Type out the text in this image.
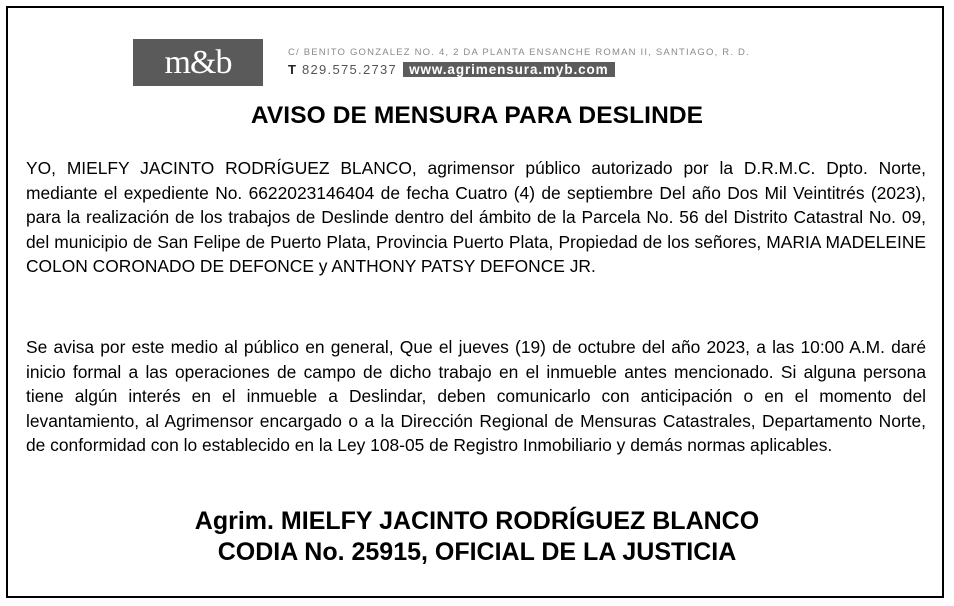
m&b	C/ BENITO GONZALEZ NO. 4, 2 DA PLANTA ENSANCHE ROMAN II, SANTIAGO, R. D.
T 829.575.2737 www.agrimensura.myb.com
AVISO DE MENSURA PARA DESLINDE
YO, MIELFY JACINTO RODRÍGUEZ BLANCO, agrimensor público autorizado por la D.R.M.C. Dpto. Norte, mediante el expediente No. 6622023146404 de fecha Cuatro (4) de septiembre Del año Dos Mil Veintitrés (2023), para la realización de los trabajos de Deslinde dentro del ámbito de la Parcela No. 56 del Distrito Catastral No. 09, del municipio de San Felipe de Puerto Plata, Provincia Puerto Plata, Propiedad de los señores, MARIA MADELEINE COLON CORONADO DE DEFONCE y ANTHONY PATSY DEFONCE JR.
Se avisa por este medio al público en general, Que el jueves (19) de octubre del año 2023, a las 10:00 A.M. daré inicio formal a las operaciones de campo de dicho trabajo en el inmueble antes mencionado. Si alguna persona tiene algún interés en el inmueble a Deslindar, deben comunicarlo con anticipación o en el momento del levantamiento, al Agrimensor encargado o a la Dirección Regional de Mensuras Catastrales, Departamento Norte, de conformidad con lo establecido en la Ley 108-05 de Registro Inmobiliario y demás normas aplicables.
Agrim. MIELFY JACINTO RODRÍGUEZ BLANCO
CODIA No. 25915, OFICIAL DE LA JUSTICIA
